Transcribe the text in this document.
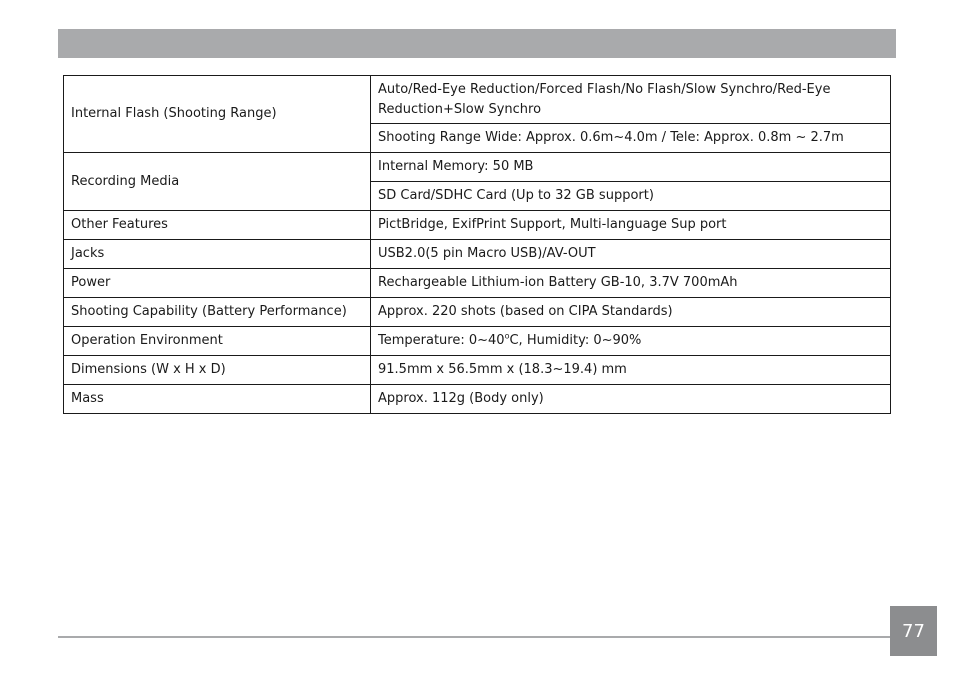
Internal Flash (Shooting Range)	Auto/Red-Eye Reduction/Forced Flash/No Flash/Slow Synchro/Red-Eye Reduction+Slow Synchro
	Shooting Range Wide: Approx. 0.6m~4.0m / Tele: Approx. 0.8m ~ 2.7m
Recording Media	Internal Memory: 50 MB
	SD Card/SDHC Card (Up to 32 GB support)
Other Features	PictBridge, ExifPrint Support, Multi-language Sup port
Jacks	USB2.0(5 pin Macro USB)/AV-OUT
Power	Rechargeable Lithium-ion Battery GB-10, 3.7V 700mAh
Shooting Capability (Battery Performance)	Approx. 220 shots (based on CIPA Standards)
Operation Environment	Temperature: 0~40$^o$C, Humidity: 0~90%
Dimensions (W x H x D)	91.5mm x 56.5mm x (18.3~19.4) mm
Mass	Approx. 112g (Body only)
77
